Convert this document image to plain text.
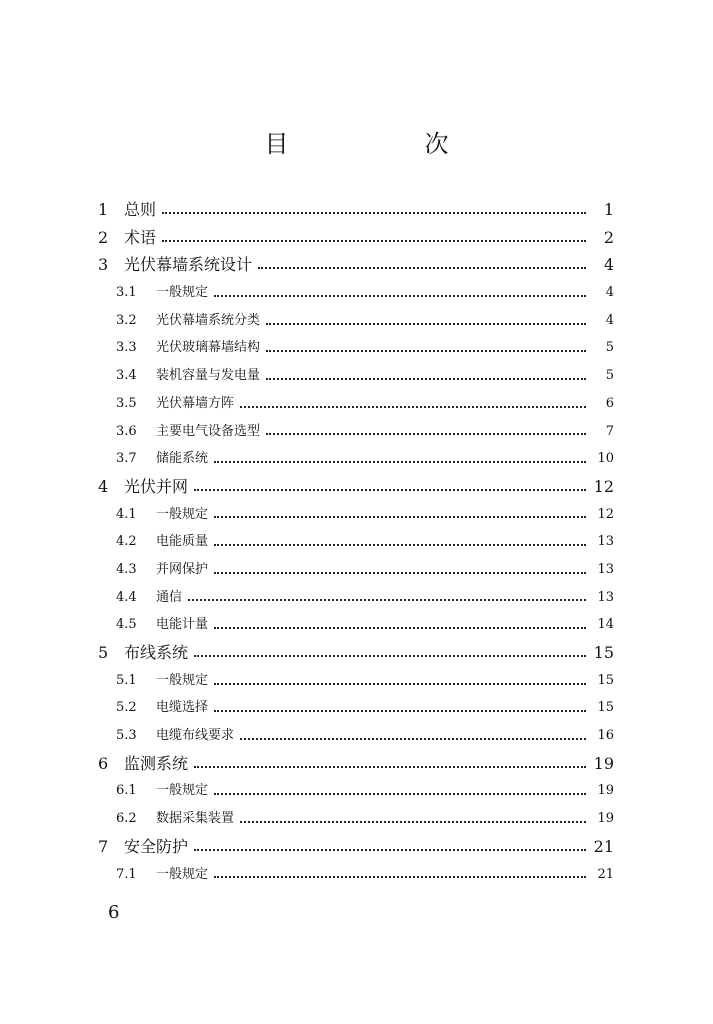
目　次
1 总则	1
2 术语	2
3 光伏幕墙系统设计	4
3.1	一般规定	4
3.2	光伏幕墙系统分类	4
3.3	光伏玻璃幕墙结构	5
3.4	装机容量与发电量	5
3.5	光伏幕墙方阵	6
3.6	主要电气设备选型	7
3.7	储能系统	10
4 光伏并网	12
4.1	一般规定	12
4.2	电能质量	13
4.3	并网保护	13
4.4	通信	13
4.5	电能计量	14
5 布线系统	15
5.1	一般规定	15
5.2	电缆选择	15
5.3	电缆布线要求	16
6 监测系统	19
6.1	一般规定	19
6.2	数据采集装置	19
7 安全防护	21
7.1	一般规定	21
6
